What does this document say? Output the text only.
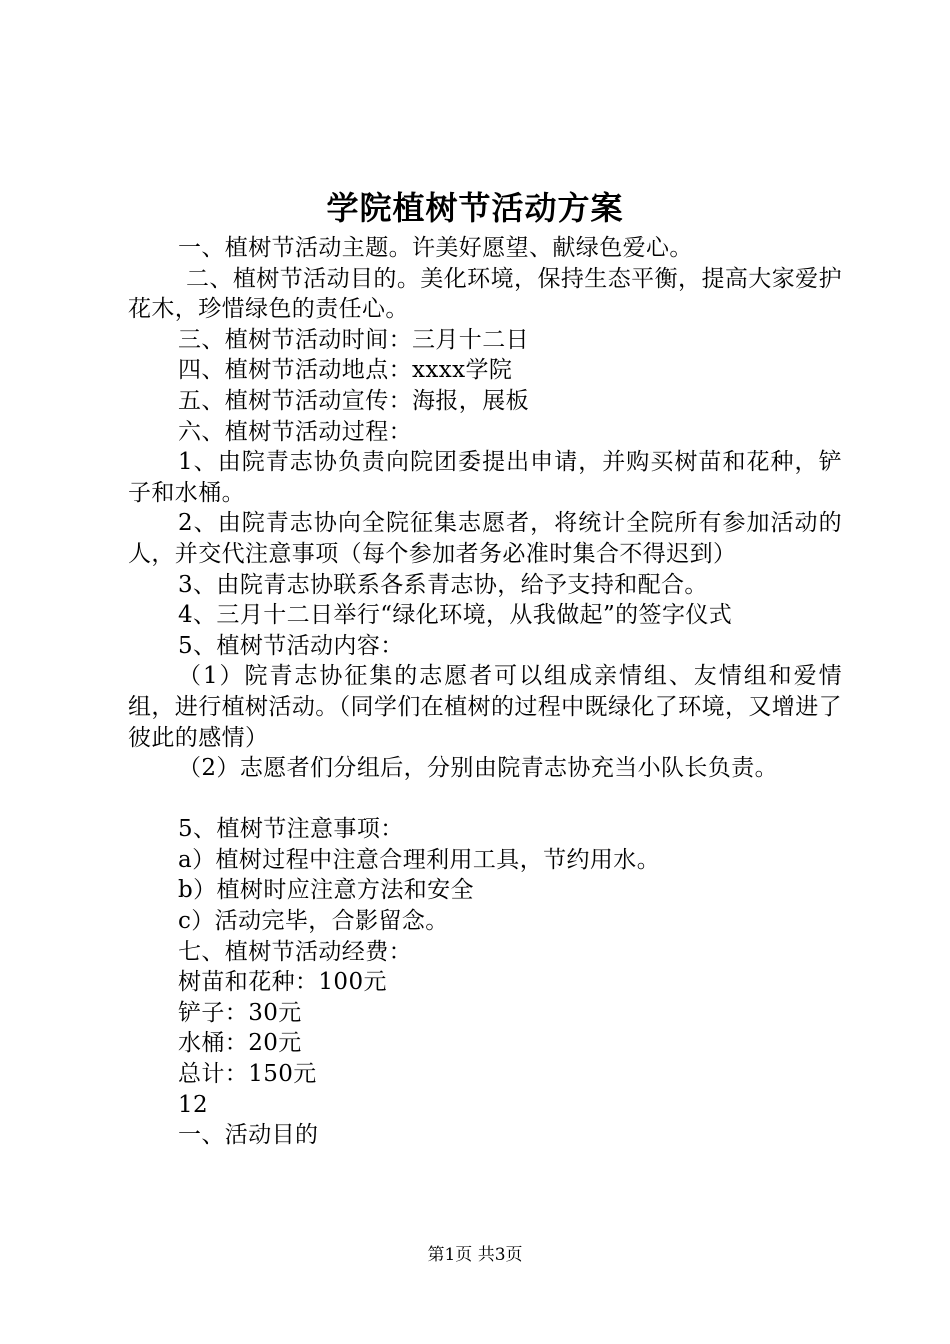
学院植树节活动方案
一、植树节活动主题。许美好愿望、献绿色爱心。
二、植树节活动目的。美化环境，保持生态平衡，提高大家爱护花木，珍惜绿色的责任心。
三、植树节活动时间：三月十二日
四、植树节活动地点：xxxx学院
五、植树节活动宣传：海报，展板
六、植树节活动过程：
1、由院青志协负责向院团委提出申请，并购买树苗和花种，铲子和水桶。
2、由院青志协向全院征集志愿者，将统计全院所有参加活动的人，并交代注意事项（每个参加者务必准时集合不得迟到）
3、由院青志协联系各系青志协，给予支持和配合。
4、三月十二日举行“绿化环境，从我做起”的签字仪式
5、植树节活动内容：
（1）院青志协征集的志愿者可以组成亲情组、友情组和爱情组，进行植树活动。（同学们在植树的过程中既绿化了环境，又增进了彼此的感情）
（2）志愿者们分组后，分别由院青志协充当小队长负责。
5、植树节注意事项：
a）植树过程中注意合理利用工具，节约用水。
b）植树时应注意方法和安全
c）活动完毕，合影留念。
七、植树节活动经费：
树苗和花种：100元
铲子：30元
水桶：20元
总计：150元
12
一、活动目的
第1页 共3页
